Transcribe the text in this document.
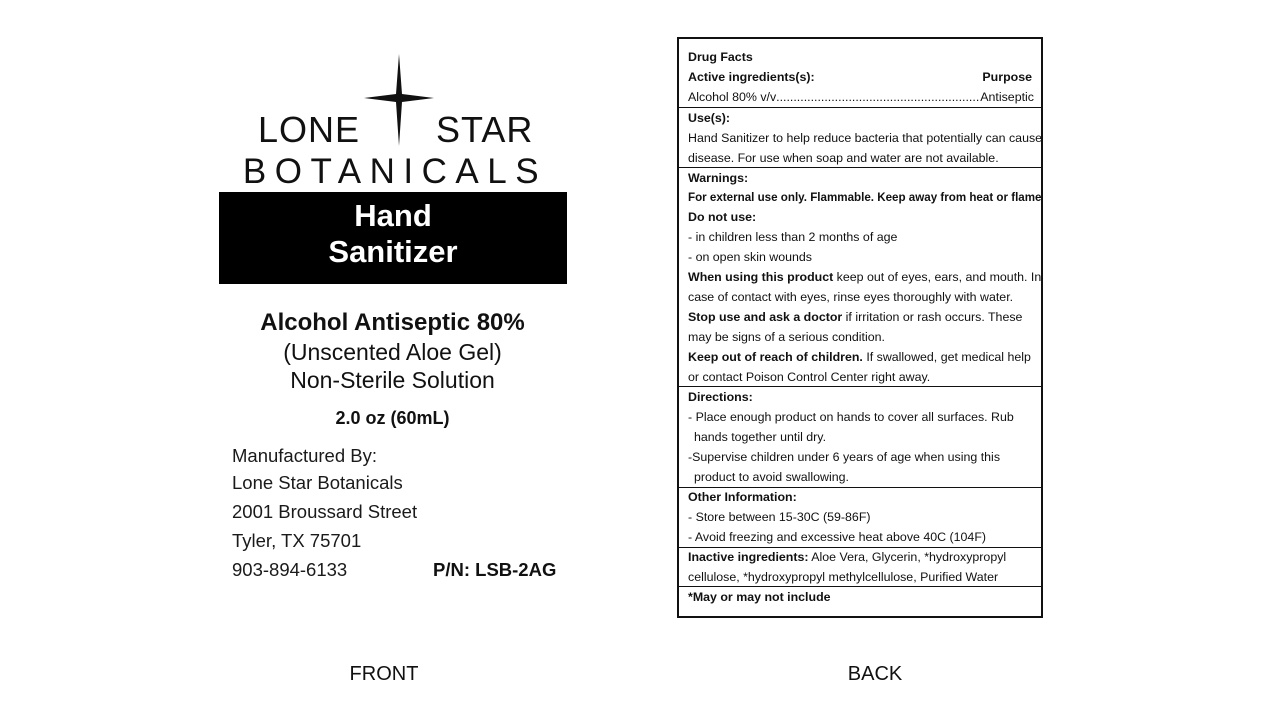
LONE STAR
BOTANICALS
Hand
Sanitizer
Alcohol Antiseptic 80%
(Unscented Aloe Gel)
Non-Sterile Solution
2.0 oz (60mL)
Manufactured By:
Lone Star Botanicals
2001 Broussard Street
Tyler, TX 75701
903-894-6133	P/N: LSB-2AG
FRONT
Drug Facts
Active ingredients(s):	Purpose
Alcohol 80% v/v
.....	Antiseptic
Use(s):
Hand Sanitizer to help reduce bacteria that potentially can cause
disease. For use when soap and water are not available.
Warnings:
For external use only. Flammable. Keep away from heat or flame
Do not use:
- in children less than 2 months of age
- on open skin wounds
When using this product keep out of eyes, ears, and mouth. In
case of contact with eyes, rinse eyes thoroughly with water.
Stop use and ask a doctor if irritation or rash occurs. These
may be signs of a serious condition.
Keep out of reach of children. If swallowed, get medical help
or contact Poison Control Center right away.
Directions:
- Place enough product on hands to cover all surfaces. Rub
hands together until dry.
-Supervise children under 6 years of age when using this
product to avoid swallowing.
Other Information:
- Store between 15-30C (59-86F)
- Avoid freezing and excessive heat above 40C (104F)
Inactive ingredients: Aloe Vera, Glycerin, *hydroxypropyl
cellulose, *hydroxypropyl methylcellulose, Purified Water
*May or may not include
BACK
